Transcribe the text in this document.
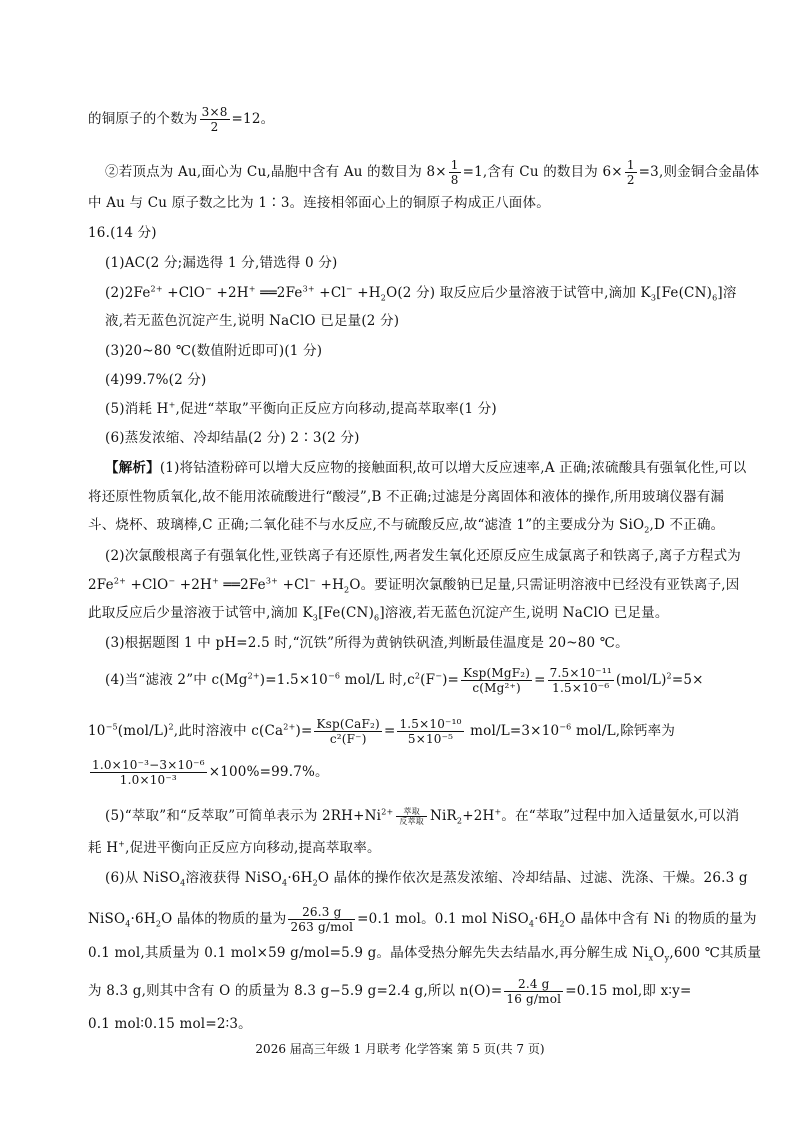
的铜原子的个数为 $\frac{3\times 8}{2} =12$。
②若顶点为 Au,面心为 Cu,晶胞中含有 Au 的数目为 $8\times \frac{1}{8} =1$,含有 Cu 的数目为 $6\times \frac{1}{2} =3$,则金铜合金晶体
中 Au 与 Cu 原子数之比为 1∶3。连接相邻面心上的铜原子构成正八面体。
16.(14 分)
(1)AC(2 分;漏选得 1 分,错选得 0 分)
$(2)2Fe^{2+} +ClO^- +2H^+$ $══2Fe^{3+} +Cl^- +H_2O(2$ 分) 取反应后少量溶液于试管中,滴加 $K_3[Fe(CN)_6]$溶
液,若无蓝色沉淀产生,说明 NaClO 已足量(2 分)
(3)20~80 ℃(数值附近即可)(1 分)
(4)99.7%(2 分)
(5)消耗 H+,促进“萃取”平衡向正反应方向移动,提高萃取率(1 分)
(6)蒸发浓缩、冷却结晶(2 分) 2∶3(2 分)
【解析】(1)将钴渣粉碎可以增大反应物的接触面积,故可以增大反应速率,A 正确;浓硫酸具有强氧化性,可以
将还原性物质氧化,故不能用浓硫酸进行“酸浸”,B 不正确;过滤是分离固体和液体的操作,所用玻璃仪器有漏
斗、烧杯、玻璃棒,C 正确;二氧化硅不与水反应,不与硫酸反应,故“滤渣 1”的主要成分为 SiO$_2$,D 不正确。
(2)次氯酸根离子有强氧化性,亚铁离子有还原性,两者发生氧化还原反应生成氯离子和铁离子,离子方程式为
$2Fe^{2+} +ClO^- +2H^+$ $══2Fe^{3+} +Cl^- +H_2O$。要证明次氯酸钠已足量,只需证明溶液中已经没有亚铁离子,因
此取反应后少量溶液于试管中,滴加 $K_3[Fe(CN)_6]$溶液,若无蓝色沉淀产生,说明 NaClO 已足量。
(3)根据题图 1 中 pH=2.5 时,“沉铁”所得为黄钠铁矾渣,判断最佳温度是 20~80 ℃。
(4)当“滤液 2”中 $c(Mg^{2+})=1.5\times 10^{-6}$ mol/L 时$,c^2(F^-)= \frac{\text{Ksp(MgF₂)}}{\text{c(Mg²⁺)}} = \frac{\text{7.5×10⁻¹¹}}{\text{1.5×10⁻⁶}} (mol/L)^2=5\times$
$10^{-5}(mol/L)^2$,此时溶液中 $c(Ca^{2+})= \frac{\text{Ksp(CaF₂)}}{\text{c²(F⁻)}} = \frac{\text{1.5×10⁻¹⁰}}{\text{5×10⁻⁵}} mol/L=3\times 10^{-6}$ mol/L,除钙率为
$\frac{\text{1.0×10⁻³−3×10⁻⁶}}{\text{1.0×10⁻³}} \times 100\%=99.7\%$。
(5)“萃取”和“反萃取”可简单表示为 $2RH+Ni^{2+}$	萃取
反萃取 NiR$_2$+2H+。在“萃取”过程中加入适量氨水,可以消
耗 H+,促进平衡向正反应方向移动,提高萃取率。
(6)从 NiSO$_4$溶液获得 $NiSO_4\cdot 6H_2O$ 晶体的操作依次是蒸发浓缩、冷却结晶、过滤、洗涤、干燥。26.3 g
$NiSO_4\cdot 6H_2O$ 晶体的物质的量为 $\frac{26.3 g}{\text{263 g/mol}} =0.1$ mol。0.1 mol $NiSO_4\cdot 6H_2O$ 晶体中含有 Ni 的物质的量为
0.1 mol,其质量为 0.1 mol×59 g/mol=5.9 g。晶体受热分解先失去结晶水,再分解生成 $Ni_xO_y,600$ ℃其质量
为 8.3 g,则其中含有 O 的质量为 8.3 g−5.9 g=2.4 g,所以 $n(O)= \frac{2.4 g}{\text{16 g/mol}} =0.15$ mol,即 x∶y=
0.1 mol∶0.15 mol=2∶3。
2026 届高三年级 1 月联考 化学答案 第 5 页(共 7 页)
